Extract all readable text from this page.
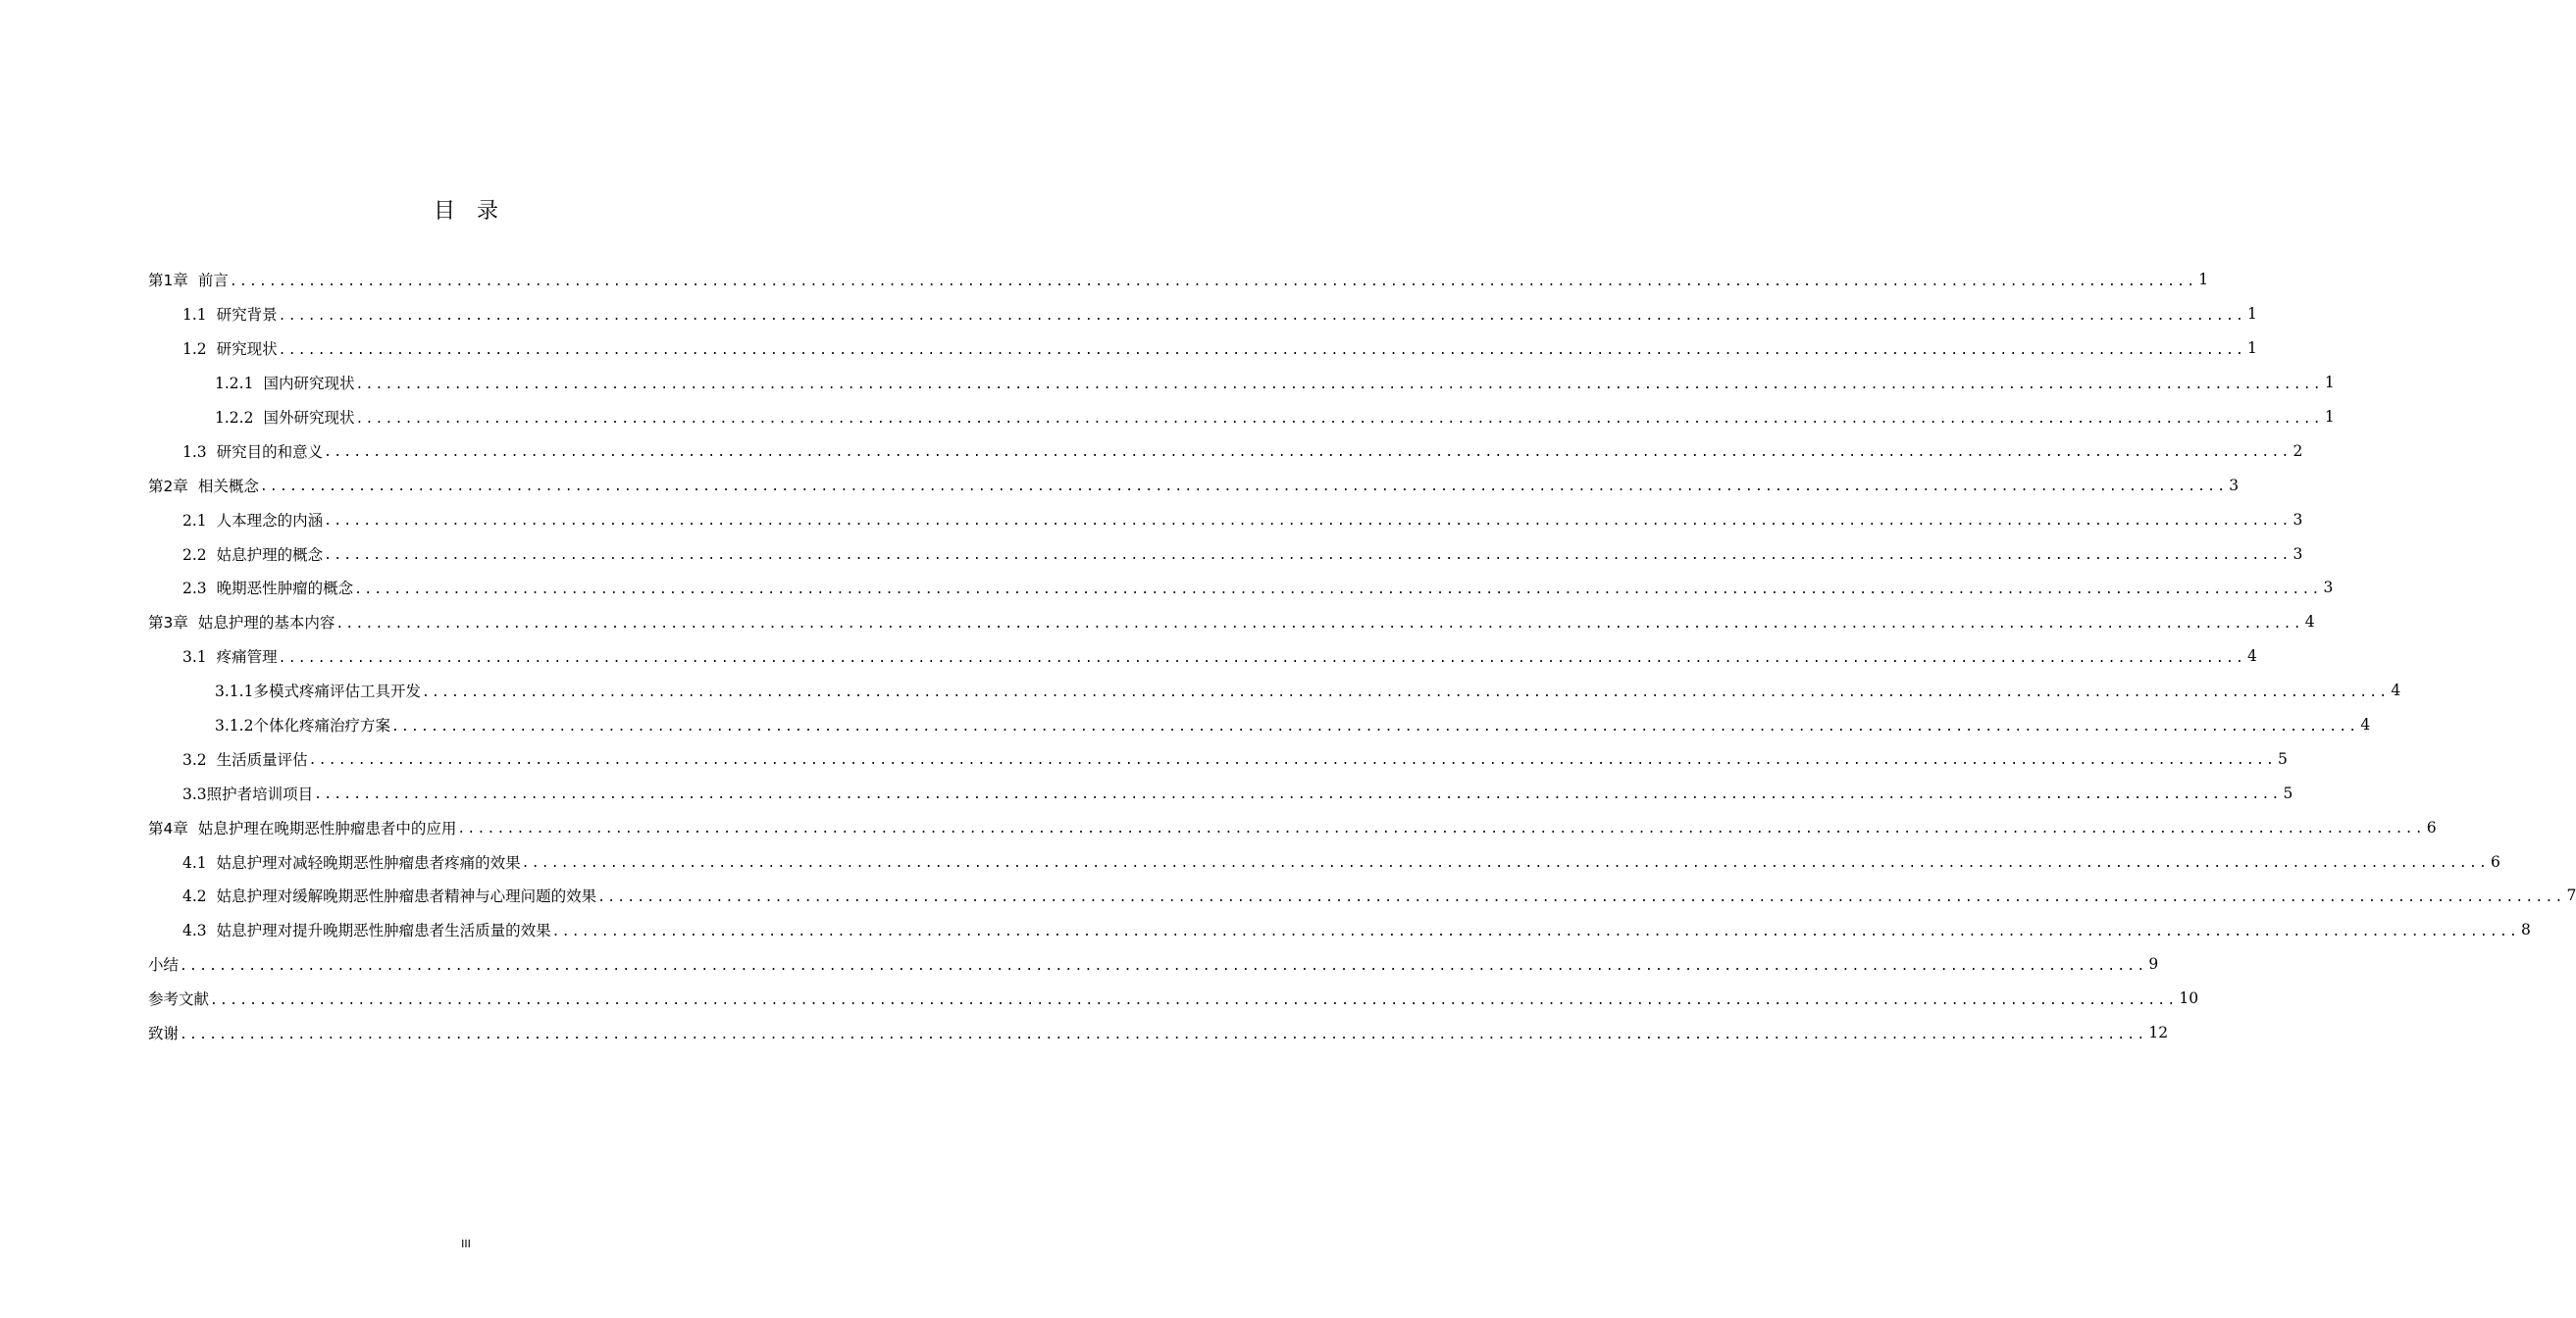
目录
第1章 前言 ........................................................................................................................................................................................................ 1
1.1 研究背景 ........................................................................................................................................................................................................ 1
1.2 研究现状 ........................................................................................................................................................................................................ 1
1.2.1 国内研究现状 ........................................................................................................................................................................................................ 1
1.2.2 国外研究现状 ........................................................................................................................................................................................................ 1
1.3 研究目的和意义 ........................................................................................................................................................................................................ 2
第2章 相关概念 ........................................................................................................................................................................................................ 3
2.1 人本理念的内涵 ........................................................................................................................................................................................................ 3
2.2 姑息护理的概念 ........................................................................................................................................................................................................ 3
2.3 晚期恶性肿瘤的概念 ........................................................................................................................................................................................................ 3
第3章 姑息护理的基本内容 ........................................................................................................................................................................................................ 4
3.1 疼痛管理 ........................................................................................................................................................................................................ 4
3.1.1多模式疼痛评估工具开发 ........................................................................................................................................................................................................ 4
3.1.2个体化疼痛治疗方案 ........................................................................................................................................................................................................ 4
3.2 生活质量评估 ........................................................................................................................................................................................................ 5
3.3照护者培训项目 ........................................................................................................................................................................................................ 5
第4章 姑息护理在晚期恶性肿瘤患者中的应用 ........................................................................................................................................................................................................ 6
4.1 姑息护理对减轻晚期恶性肿瘤患者疼痛的效果 ........................................................................................................................................................................................................ 6
4.2 姑息护理对缓解晚期恶性肿瘤患者精神与心理问题的效果 ........................................................................................................................................................................................................ 7
4.3 姑息护理对提升晚期恶性肿瘤患者生活质量的效果 ........................................................................................................................................................................................................ 8
小结 ........................................................................................................................................................................................................ 9
参考文献 ........................................................................................................................................................................................................ 10
致谢 ........................................................................................................................................................................................................ 12
III
